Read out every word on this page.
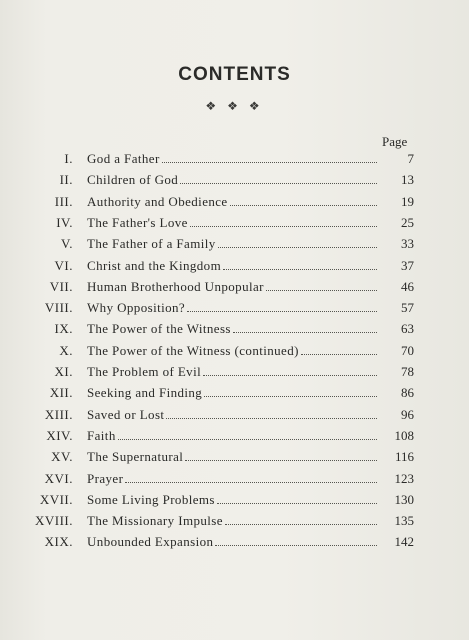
CONTENTS
❖ ❖ ❖
Page
I. God a Father	7
II. Children of God	13
III. Authority and Obedience	19
IV. The Father's Love	25
V. The Father of a Family	33
VI. Christ and the Kingdom	37
VII. Human Brotherhood Unpopular	46
VIII. Why Opposition?	57
IX. The Power of the Witness	63
X. The Power of the Witness (continued)	70
XI. The Problem of Evil	78
XII. Seeking and Finding	86
XIII. Saved or Lost	96
XIV. Faith	108
XV. The Supernatural	116
XVI. Prayer	123
XVII. Some Living Problems	130
XVIII. The Missionary Impulse	135
XIX. Unbounded Expansion	142
